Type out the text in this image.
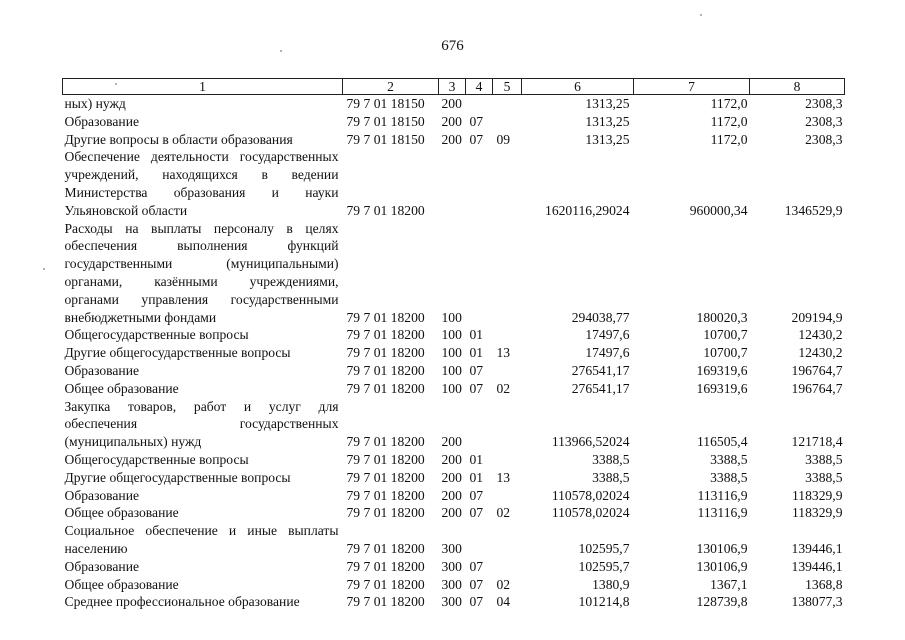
676
1	2	3	4	5	6	7	8
ных) нужд	79 7 01 18150	200			1313,25	1172,0	2308,3
Образование	79 7 01 18150	200	07		1313,25	1172,0	2308,3
Другие вопросы в области образования	79 7 01 18150	200	07	09	1313,25	1172,0	2308,3
Обеспечение деятельности государственных учреждений, находящихся в ведении Министерства образования и науки Ульяновской области	79 7 01 18200				1620116,29024	960000,34	1346529,9
Расходы на выплаты персоналу в целях обеспечения выполнения функций государственными (муниципальными) органами, казёнными учреждениями, органами управления государственными внебюджетными фондами	79 7 01 18200	100			294038,77	180020,3	209194,9
Общегосударственные вопросы	79 7 01 18200	100	01		17497,6	10700,7	12430,2
Другие общегосударственные вопросы	79 7 01 18200	100	01	13	17497,6	10700,7	12430,2
Образование	79 7 01 18200	100	07		276541,17	169319,6	196764,7
Общее образование	79 7 01 18200	100	07	02	276541,17	169319,6	196764,7
Закупка товаров, работ и услуг для обеспечения государственных (муниципальных) нужд	79 7 01 18200	200			113966,52024	116505,4	121718,4
Общегосударственные вопросы	79 7 01 18200	200	01		3388,5	3388,5	3388,5
Другие общегосударственные вопросы	79 7 01 18200	200	01	13	3388,5	3388,5	3388,5
Образование	79 7 01 18200	200	07		110578,02024	113116,9	118329,9
Общее образование	79 7 01 18200	200	07	02	110578,02024	113116,9	118329,9
Социальное обеспечение и иные выплаты населению	79 7 01 18200	300			102595,7	130106,9	139446,1
Образование	79 7 01 18200	300	07		102595,7	130106,9	139446,1
Общее образование	79 7 01 18200	300	07	02	1380,9	1367,1	1368,8
Среднее профессиональное образование	79 7 01 18200	300	07	04	101214,8	128739,8	138077,3
